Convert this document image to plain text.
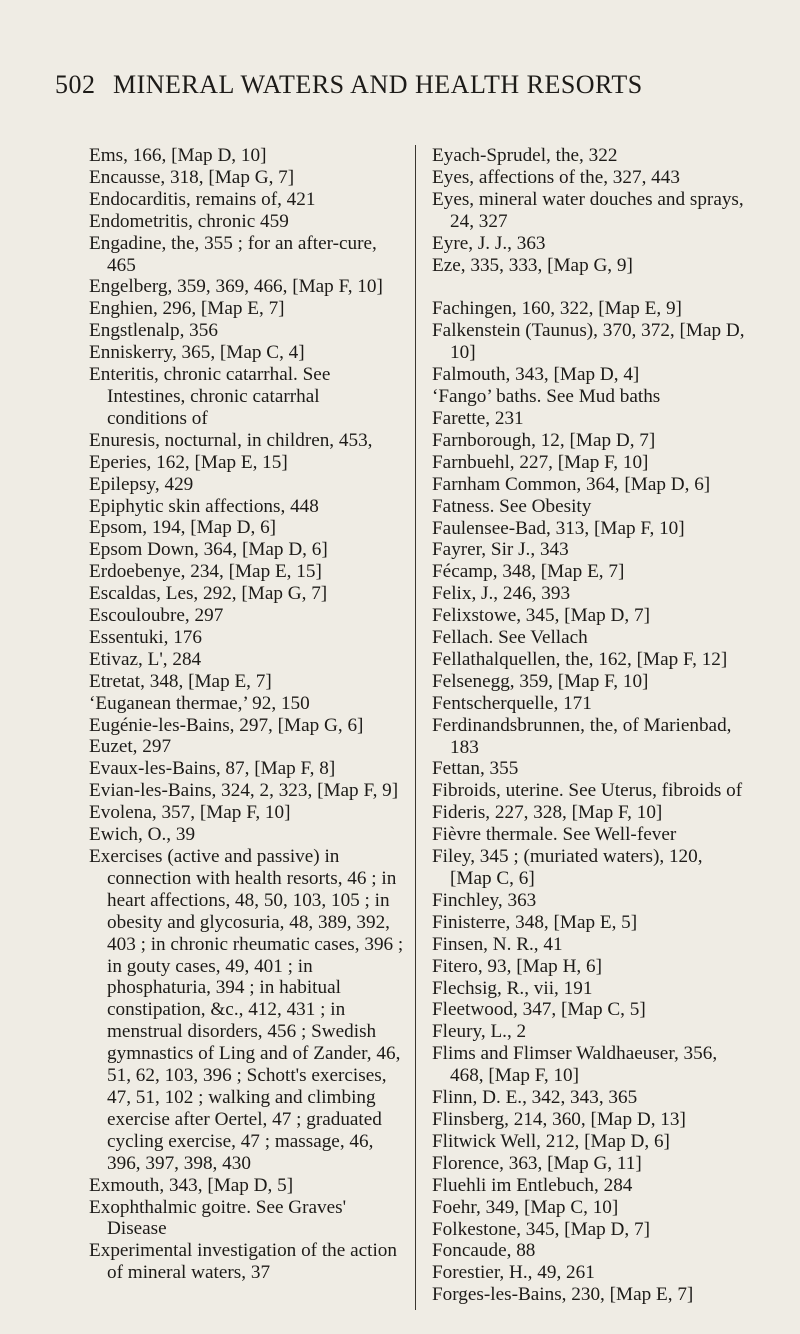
502 MINERAL WATERS AND HEALTH RESORTS
Ems, 166, [Map D, 10]
Encausse, 318, [Map G, 7]
Endocarditis, remains of, 421
Endometritis, chronic 459
Engadine, the, 355 ; for an after-cure, 465
Engelberg, 359, 369, 466, [Map F, 10]
Enghien, 296, [Map E, 7]
Engstlenalp, 356
Enniskerry, 365, [Map C, 4]
Enteritis, chronic catarrhal. See Intestines, chronic catarrhal conditions of
Enuresis, nocturnal, in children, 453,
Eperies, 162, [Map E, 15]
Epilepsy, 429
Epiphytic skin affections, 448
Epsom, 194, [Map D, 6]
Epsom Down, 364, [Map D, 6]
Erdoebenye, 234, [Map E, 15]
Escaldas, Les, 292, [Map G, 7]
Escouloubre, 297
Essentuki, 176
Etivaz, L', 284
Etretat, 348, [Map E, 7]
‘Euganean thermae,’ 92, 150
Eugénie-les-Bains, 297, [Map G, 6]
Euzet, 297
Evaux-les-Bains, 87, [Map F, 8]
Evian-les-Bains, 324, 2, 323, [Map F, 9]
Evolena, 357, [Map F, 10]
Ewich, O., 39
Exercises (active and passive) in connection with health resorts, 46 ; in heart affections, 48, 50, 103, 105 ; in obesity and glycosuria, 48, 389, 392, 403 ; in chronic rheumatic cases, 396 ; in gouty cases, 49, 401 ; in phosphaturia, 394 ; in habitual constipation, &c., 412, 431 ; in menstrual disorders, 456 ; Swedish gymnastics of Ling and of Zander, 46, 51, 62, 103, 396 ; Schott's exercises, 47, 51, 102 ; walking and climbing exercise after Oertel, 47 ; graduated cycling exercise, 47 ; massage, 46, 396, 397, 398, 430
Exmouth, 343, [Map D, 5]
Exophthalmic goitre. See Graves' Disease
Experimental investigation of the action of mineral waters, 37
Eyach-Sprudel, the, 322
Eyes, affections of the, 327, 443
Eyes, mineral water douches and sprays, 24, 327
Eyre, J. J., 363
Eze, 335, 333, [Map G, 9]
Fachingen, 160, 322, [Map E, 9]
Falkenstein (Taunus), 370, 372, [Map D, 10]
Falmouth, 343, [Map D, 4]
‘Fango’ baths. See Mud baths
Farette, 231
Farnborough, 12, [Map D, 7]
Farnbuehl, 227, [Map F, 10]
Farnham Common, 364, [Map D, 6]
Fatness. See Obesity
Faulensee-Bad, 313, [Map F, 10]
Fayrer, Sir J., 343
Fécamp, 348, [Map E, 7]
Felix, J., 246, 393
Felixstowe, 345, [Map D, 7]
Fellach. See Vellach
Fellathalquellen, the, 162, [Map F, 12]
Felsenegg, 359, [Map F, 10]
Fentscherquelle, 171
Ferdinandsbrunnen, the, of Marienbad, 183
Fettan, 355
Fibroids, uterine. See Uterus, fibroids of
Fideris, 227, 328, [Map F, 10]
Fièvre thermale. See Well-fever
Filey, 345 ; (muriated waters), 120, [Map C, 6]
Finchley, 363
Finisterre, 348, [Map E, 5]
Finsen, N. R., 41
Fitero, 93, [Map H, 6]
Flechsig, R., vii, 191
Fleetwood, 347, [Map C, 5]
Fleury, L., 2
Flims and Flimser Waldhaeuser, 356, 468, [Map F, 10]
Flinn, D. E., 342, 343, 365
Flinsberg, 214, 360, [Map D, 13]
Flitwick Well, 212, [Map D, 6]
Florence, 363, [Map G, 11]
Fluehli im Entlebuch, 284
Foehr, 349, [Map C, 10]
Folkestone, 345, [Map D, 7]
Foncaude, 88
Forestier, H., 49, 261
Forges-les-Bains, 230, [Map E, 7]
